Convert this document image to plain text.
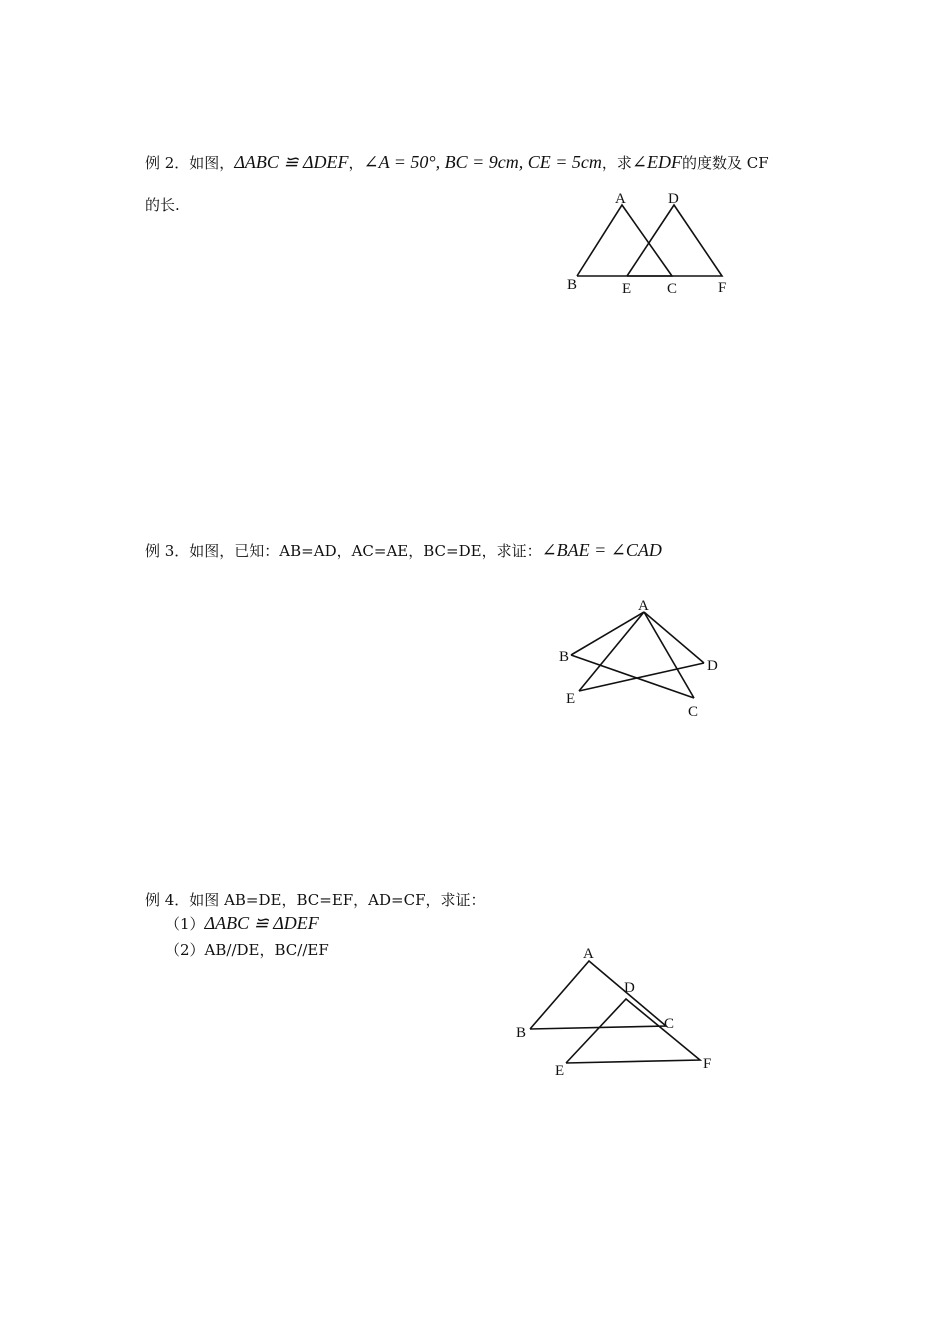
例 2．如图，ΔABC ≌ ΔDEF，∠A = 50°, BC = 9cm, CE = 5cm，求∠EDF的度数及 CF
的长.	A	D
B	E C	F
例 3．如图，已知：AB=AD，AC=AE，BC=DE，求证：∠BAE = ∠CAD
A
B
D
E
C
例 4．如图 AB=DE，BC=EF，AD=CF，求证：
（1）ΔABC ≌ ΔDEF
（2）AB//DE，BC//EF	A
D
B
C
E	F
